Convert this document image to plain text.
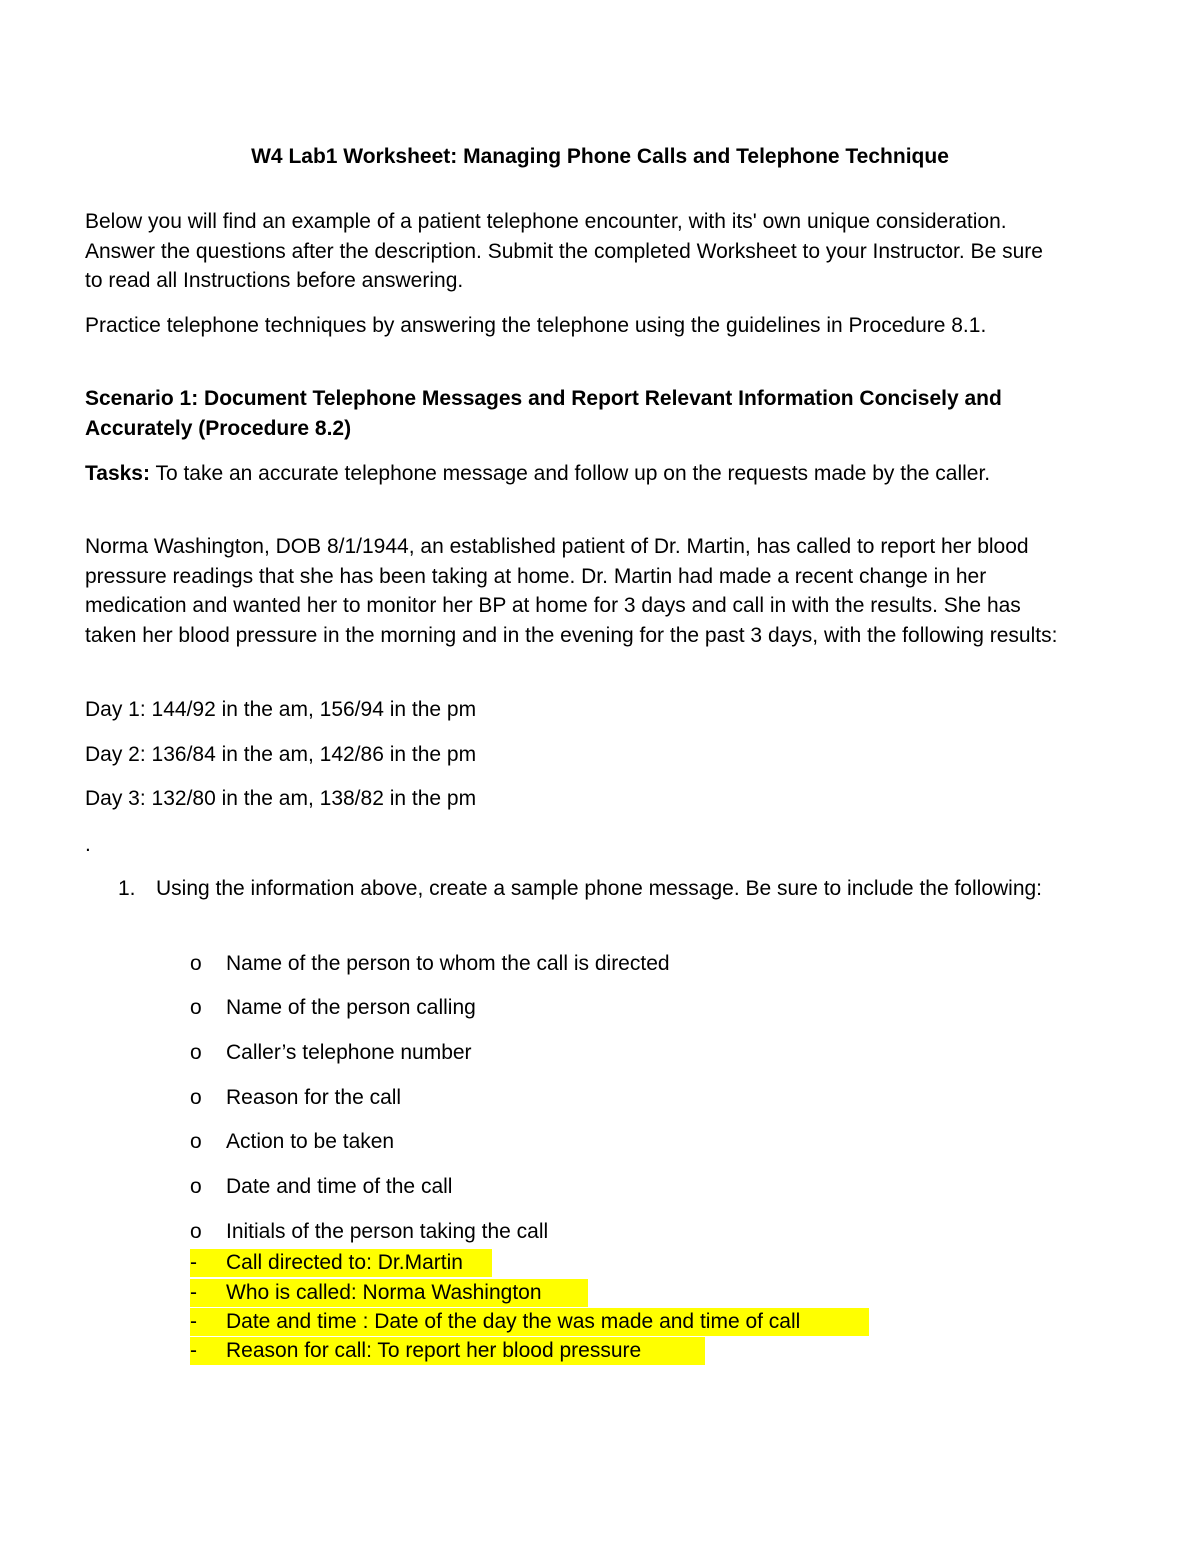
W4 Lab1 Worksheet: Managing Phone Calls and Telephone Technique

Below you will find an example of a patient telephone encounter, with its' own unique consideration. Answer the questions after the description. Submit the completed Worksheet to your Instructor. Be sure to read all Instructions before answering.

Practice telephone techniques by answering the telephone using the guidelines in Procedure 8.1.

Scenario 1: Document Telephone Messages and Report Relevant Information Concisely and Accurately (Procedure 8.2)

Tasks: To take an accurate telephone message and follow up on the requests made by the caller.

Norma Washington, DOB 8/1/1944, an established patient of Dr. Martin, has called to report her blood pressure readings that she has been taking at home. Dr. Martin had made a recent change in her medication and wanted her to monitor her BP at home for 3 days and call in with the results. She has taken her blood pressure in the morning and in the evening for the past 3 days, with the following results:

Day 1: 144/92 in the am, 156/94 in the pm

Day 2: 136/84 in the am, 142/86 in the pm

Day 3: 132/80 in the am, 138/82 in the pm

.

1. Using the information above, create a sample phone message. Be sure to include the following:
o Name of the person to whom the call is directed
o Name of the person calling
o Caller’s telephone number
o Reason for the call
o Action to be taken
o Date and time of the call
o Initials of the person taking the call
- Call directed to: Dr.Martin
- Who is called: Norma Washington
- Date and time : Date of the day the was made and time of call
- Reason for call: To report her blood pressure
